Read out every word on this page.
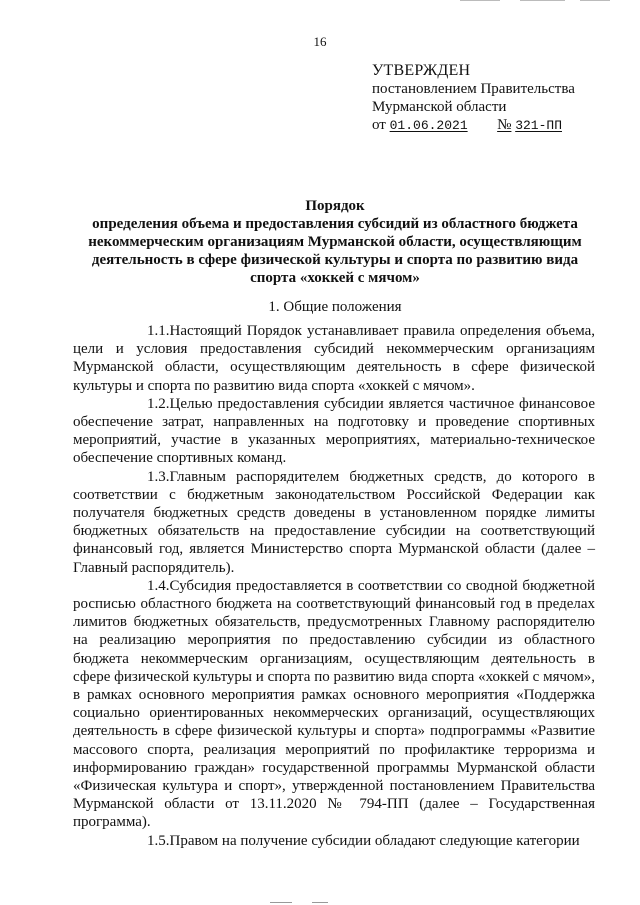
16
УТВЕРЖДЕН
постановлением Правительства
Мурманской области
от 01.06.2021 № 321-ПП
Порядок
определения объема и предоставления субсидий из областного бюджета
некоммерческим организациям Мурманской области, осуществляющим
деятельность в сфере физической культуры и спорта по развитию вида
спорта «хоккей с мячом»
1. Общие положения

1.1.Настоящий Порядок устанавливает правила определения объема, цели и условия предоставления субсидий некоммерческим организациям Мурманской области, осуществляющим деятельность в сфере физической культуры и спорта по развитию вида спорта «хоккей с мячом».

1.2.Целью предоставления субсидии является частичное финансовое обеспечение затрат, направленных на подготовку и проведение спортивных мероприятий, участие в указанных мероприятиях, материально-техническое обеспечение спортивных команд.

1.3.Главным распорядителем бюджетных средств, до которого в соответствии с бюджетным законодательством Российской Федерации как получателя бюджетных средств доведены в установленном порядке лимиты бюджетных обязательств на предоставление субсидии на соответствующий финансовый год, является Министерство спорта Мурманской области (далее – Главный распорядитель).

1.4.Субсидия предоставляется в соответствии со сводной бюджетной росписью областного бюджета на соответствующий финансовый год в пределах лимитов бюджетных обязательств, предусмотренных Главному распорядителю на реализацию мероприятия по предоставлению субсидии из областного бюджета некоммерческим организациям, осуществляющим деятельность в сфере физической культуры и спорта по развитию вида спорта «хоккей с мячом», в рамках основного мероприятия рамках основного мероприятия «Поддержка социально ориентированных некоммерческих организаций, осуществляющих деятельность в сфере физической культуры и спорта» подпрограммы «Развитие массового спорта, реализация мероприятий по профилактике терроризма и информированию граждан» государственной программы Мурманской области «Физическая культура и спорт», утвержденной постановлением Правительства Мурманской области от 13.11.2020 № 794-ПП (далее – Государственная программа).

1.5.Правом на получение субсидии обладают следующие категории
